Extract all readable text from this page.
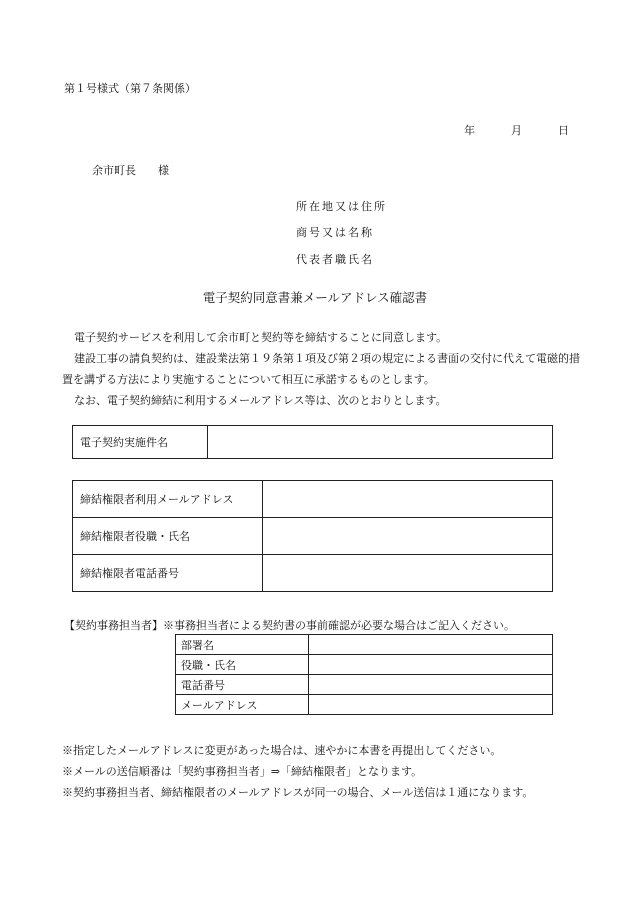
第１号様式（第７条関係）
年	月	日
余市町長 様
所在地又は住所
商号又は名称
代表者職氏名
電子契約同意書兼メールアドレス確認書

電子契約サービスを利用して余市町と契約等を締結することに同意します。

建設工事の請負契約は、建設業法第１９条第１項及び第２項の規定による書面の交付に代えて電磁的措置を講ずる方法により実施することについて相互に承諾するものとします。

なお、電子契約締結に利用するメールアドレス等は、次のとおりとします。

電子契約実施件名	
締結権限者利用メールアドレス	
締結権限者役職・氏名	
締結権限者電話番号	
【契約事務担当者】※事務担当者による契約書の事前確認が必要な場合はご記入ください。
部署名	
役職・氏名	
電話番号	
メールアドレス	
※指定したメールアドレスに変更があった場合は、速やかに本書を再提出してください。
※メールの送信順番は「契約事務担当者」⇒「締結権限者」となります。
※契約事務担当者、締結権限者のメールアドレスが同一の場合、メール送信は１通になります。
